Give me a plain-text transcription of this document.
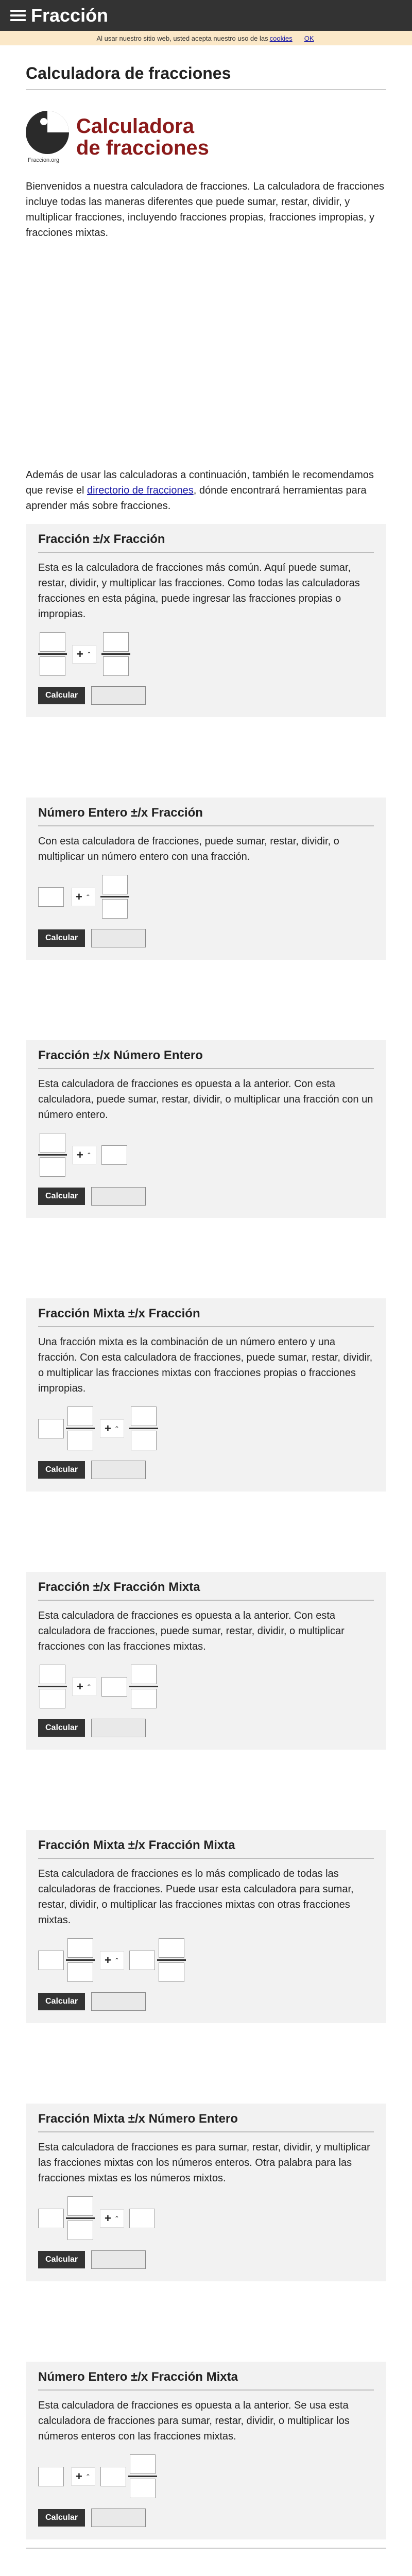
Fracción
Al usar nuestro sitio web, usted acepta nuestro uso de las cookies OK
Calculadora de fracciones
Fraccion.org
Calculadora
de fracciones

Bienvenidos a nuestra calculadora de fracciones. La calculadora de fracciones incluye todas las maneras diferentes que puede sumar, restar, dividir, y multiplicar fracciones, incluyendo fracciones propias, fracciones impropias, y fracciones mixtas.

Además de usar las calculadoras a continuación, también le recomendamos que revise el directorio de fracciones, dónde encontrará herramientas para aprender más sobre fracciones.

Fracción ±/x Fracción

Esta es la calculadora de fracciones más común. Aquí puede sumar, restar, dividir, y multiplicar las fracciones. Como todas las calculadoras fracciones en esta página, puede ingresar las fracciones propias o impropias.

+ ⌃
Calcular
Número Entero ±/x Fracción

Con esta calculadora de fracciones, puede sumar, restar, dividir, o multiplicar un número entero con una fracción.

+ ⌃
Calcular
Fracción ±/x Número Entero

Esta calculadora de fracciones es opuesta a la anterior. Con esta calculadora, puede sumar, restar, dividir, o multiplicar una fracción con un número entero.

+ ⌃
Calcular
Fracción Mixta ±/x Fracción

Una fracción mixta es la combinación de un número entero y una fracción. Con esta calculadora de fracciones, puede sumar, restar, dividir, o multiplicar las fracciones mixtas con fracciones propias o fracciones impropias.

+ ⌃
Calcular
Fracción ±/x Fracción Mixta

Esta calculadora de fracciones es opuesta a la anterior. Con esta calculadora de fracciones, puede sumar, restar, dividir, o multiplicar fracciones con las fracciones mixtas.

+ ⌃
Calcular
Fracción Mixta ±/x Fracción Mixta

Esta calculadora de fracciones es lo más complicado de todas las calculadoras de fracciones. Puede usar esta calculadora para sumar, restar, dividir, o multiplicar las fracciones mixtas con otras fracciones mixtas.

+ ⌃
Calcular
Fracción Mixta ±/x Número Entero

Esta calculadora de fracciones es para sumar, restar, dividir, y multiplicar las fracciones mixtas con los números enteros. Otra palabra para las fracciones mixtas es los números mixtos.

+ ⌃
Calcular
Número Entero ±/x Fracción Mixta

Esta calculadora de fracciones es opuesta a la anterior. Se usa esta calculadora de fracciones para sumar, restar, dividir, o multiplicar los números enteros con las fracciones mixtas.

+ ⌃
Calcular
